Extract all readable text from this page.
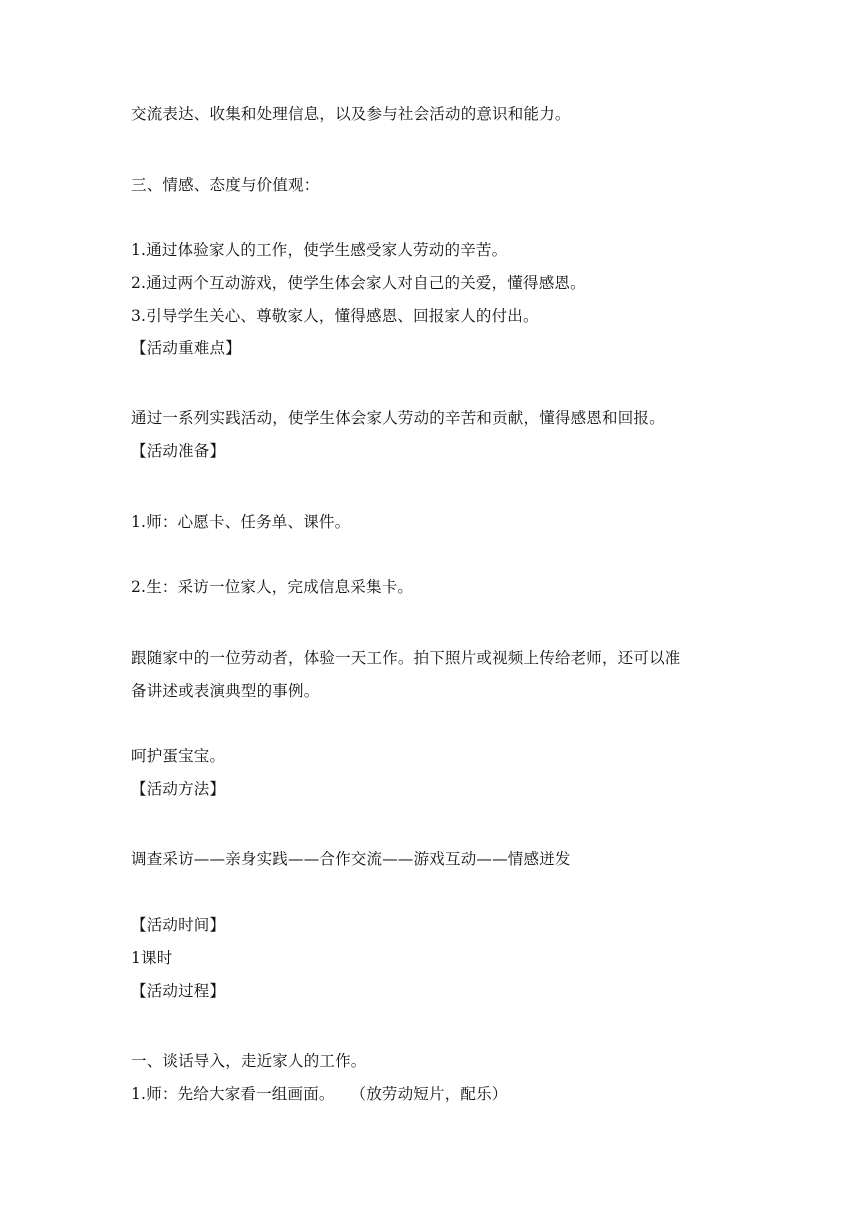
交流表达、收集和处理信息，以及参与社会活动的意识和能力。
三、情感、态度与价值观：
1.通过体验家人的工作，使学生感受家人劳动的辛苦。
2.通过两个互动游戏，使学生体会家人对自己的关爱，懂得感恩。
3.引导学生关心、尊敬家人，懂得感恩、回报家人的付出。
【活动重难点】
通过一系列实践活动，使学生体会家人劳动的辛苦和贡献，懂得感恩和回报。
【活动准备】
1.师：心愿卡、任务单、课件。
2.生：采访一位家人，完成信息采集卡。
跟随家中的一位劳动者，体验一天工作。拍下照片或视频上传给老师，还可以准
备讲述或表演典型的事例。
呵护蛋宝宝。
【活动方法】
调查采访——亲身实践——合作交流——游戏互动——情感迸发
【活动时间】
1课时
【活动过程】
一、谈话导入，走近家人的工作。
1.师：先给大家看一组画面。　　（放劳动短片，配乐）
